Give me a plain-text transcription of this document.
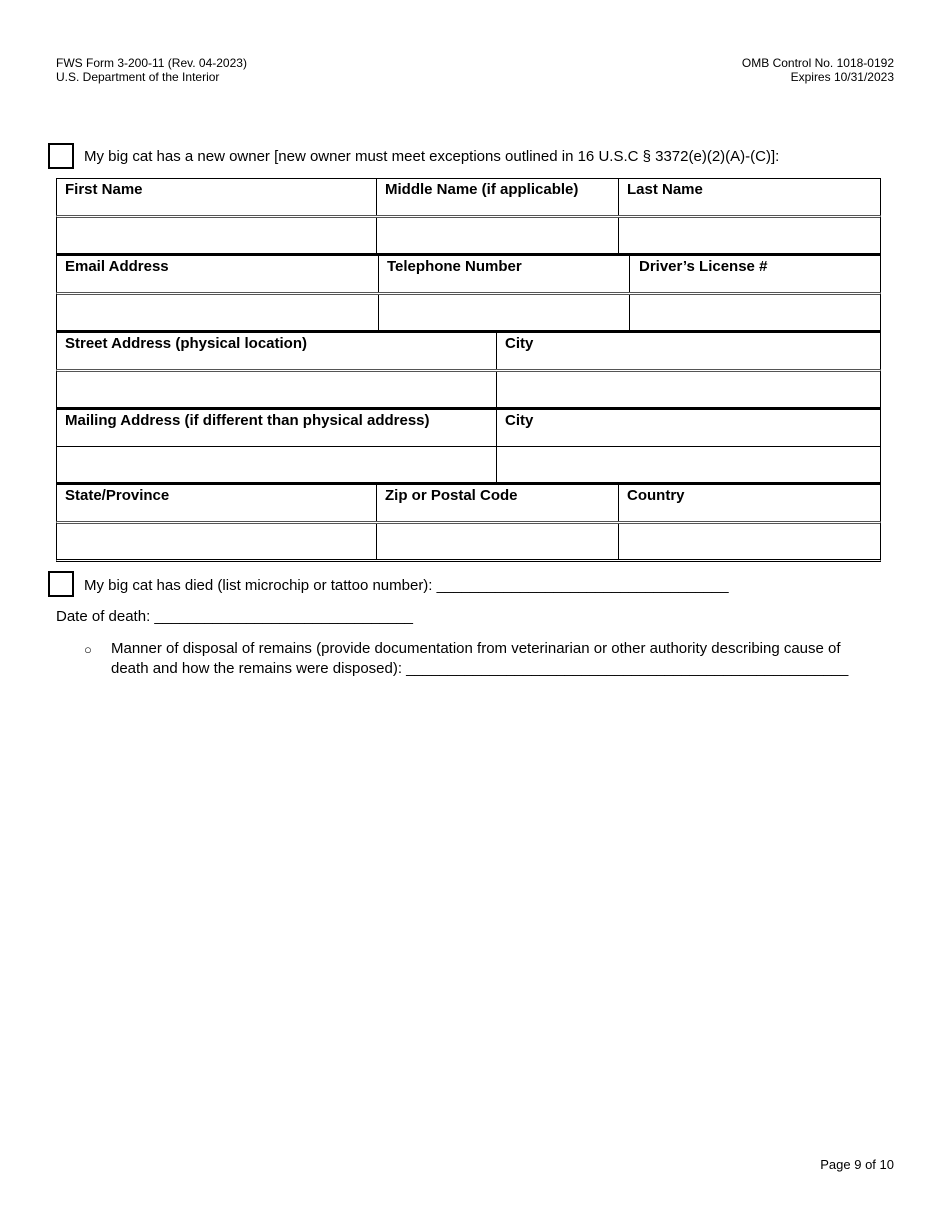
FWS Form 3-200-11 (Rev. 04-2023)
U.S. Department of the Interior
OMB Control No. 1018-0192
Expires 10/31/2023
My big cat has a new owner [new owner must meet exceptions outlined in 16 U.S.C § 3372(e)(2)(A)-(C)]:
First Name	Middle Name (if applicable)	Last Name
Email Address	Telephone Number	Driver’s License #
Street Address (physical location)	City
Mailing Address (if different than physical address)	City
State/Province	Zip or Postal Code	Country
My big cat has died (list microchip or tattoo number): ___________________________________
Date of death: _______________________________
○ Manner of disposal of remains (provide documentation from veterinarian or other authority describing cause of death and how the remains were disposed): _____________________________________________________
Page 9 of 10
